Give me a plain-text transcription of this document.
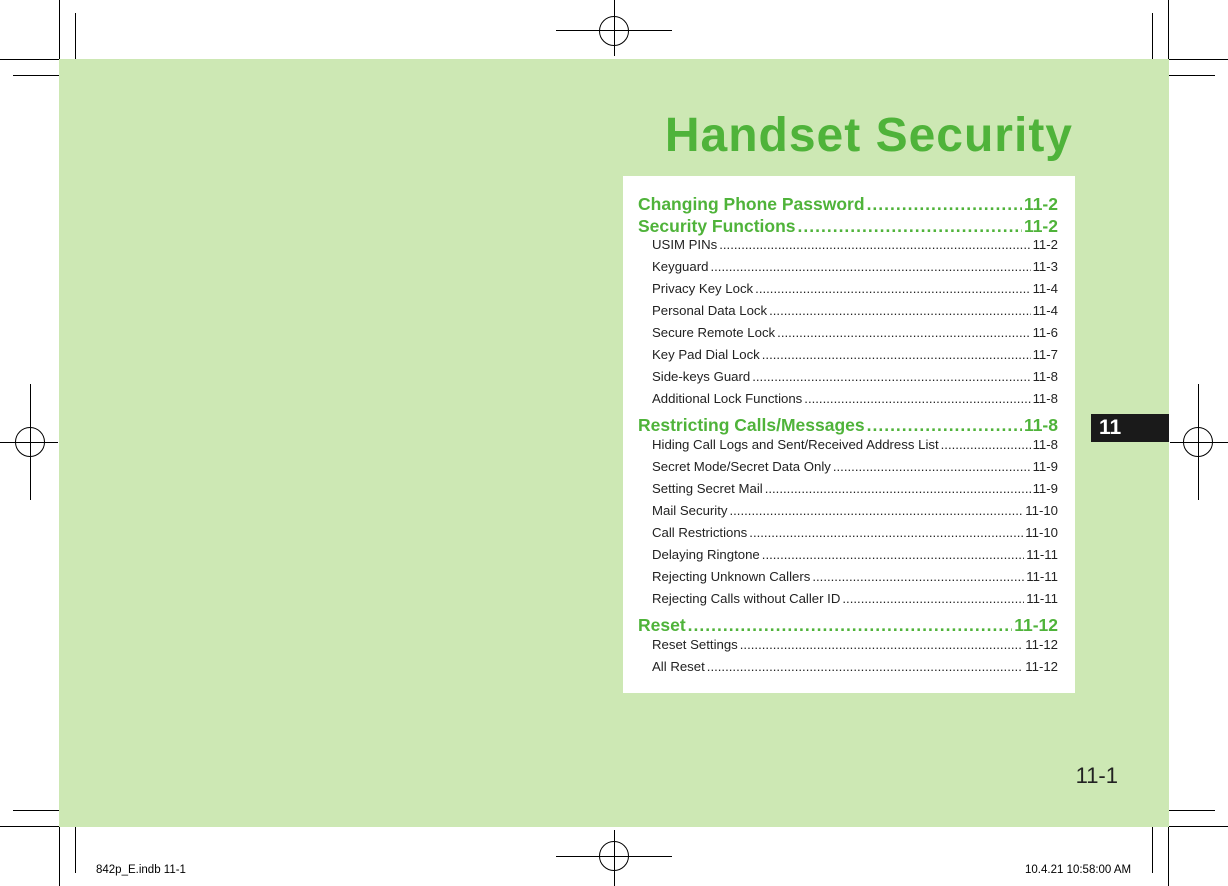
Handset Security
Changing Phone Password .....	11-2
Security Functions .....	11-2
USIM PINs .....	11-2
Keyguard .....	11-3
Privacy Key Lock .....	11-4
Personal Data Lock .....	11-4
Secure Remote Lock .....	11-6
Key Pad Dial Lock .....	11-7
Side-keys Guard .....	11-8
Additional Lock Functions .....	11-8
Restricting Calls/Messages .....	11-8
Hiding Call Logs and Sent/Received Address List .....	11-8
Secret Mode/Secret Data Only .....	11-9
Setting Secret Mail .....	11-9
Mail Security .....	11-10
Call Restrictions .....	11-10
Delaying Ringtone .....	11-11
Rejecting Unknown Callers .....	11-11
Rejecting Calls without Caller ID .....	11-11
Reset .....	11-12
Reset Settings .....	11-12
All Reset .....	11-12
11
11-1
842p_E.indb 11-1	10.4.21 10:58:00 AM
